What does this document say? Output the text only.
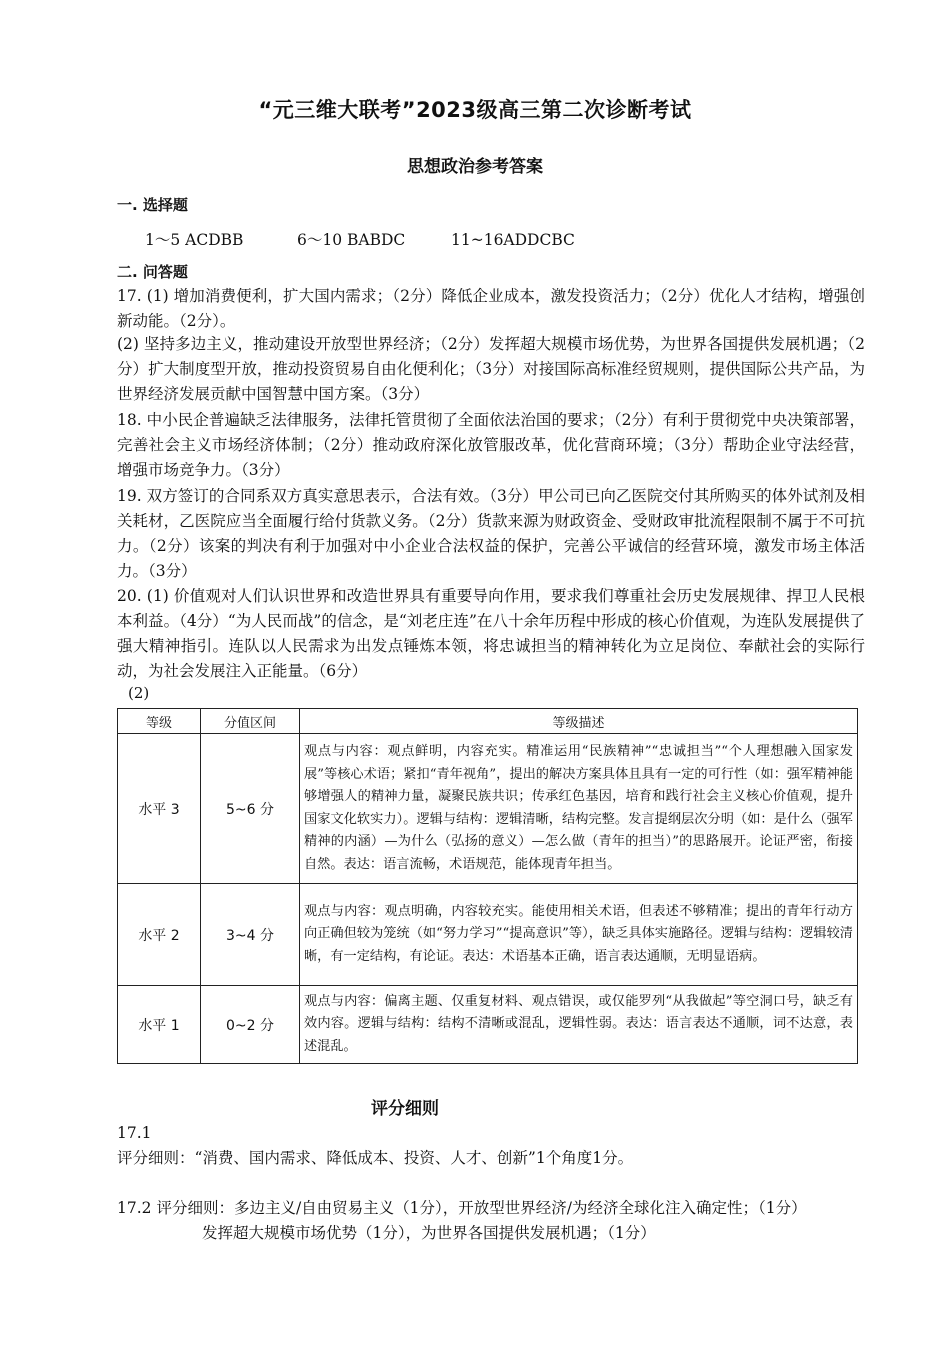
“元三维大联考”2023级高三第二次诊断考试
思想政治参考答案
一. 选择题
1～5 ACDBB	6～10 BABDC	11~16ADDCBC
二. 问答题

17. (1) 增加消费便利，扩大国内需求；（2分）降低企业成本，激发投资活力；（2分）优化人才结构，增强创新动能。（2分）。

(2) 坚持多边主义，推动建设开放型世界经济；（2分）发挥超大规模市场优势，为世界各国提供发展机遇；（2分）扩大制度型开放，推动投资贸易自由化便利化；（3分）对接国际高标准经贸规则，提供国际公共产品，为世界经济发展贡献中国智慧中国方案。（3分）

18. 中小民企普遍缺乏法律服务，法律托管贯彻了全面依法治国的要求；（2分）有利于贯彻党中央决策部署，完善社会主义市场经济体制；（2分）推动政府深化放管服改革，优化营商环境；（3分）帮助企业守法经营，增强市场竞争力。（3分）

19. 双方签订的合同系双方真实意思表示，合法有效。（3分）甲公司已向乙医院交付其所购买的体外试剂及相关耗材，乙医院应当全面履行给付货款义务。（2分）货款来源为财政资金、受财政审批流程限制不属于不可抗力。（2分）该案的判决有利于加强对中小企业合法权益的保护，完善公平诚信的经营环境，激发市场主体活力。（3分）

20. (1) 价值观对人们认识世界和改造世界具有重要导向作用，要求我们尊重社会历史发展规律、捍卫人民根本利益。（4分）“为人民而战”的信念，是“刘老庄连”在八十余年历程中形成的核心价值观，为连队发展提供了强大精神指引。连队以人民需求为出发点锤炼本领，将忠诚担当的精神转化为立足岗位、奉献社会的实际行动，为社会发展注入正能量。（6分）

(2)
等级	分值区间	等级描述
水平 3	5~6 分	观点与内容：观点鲜明，内容充实。精准运用“民族精神”“忠诚担当”“个人理想融入国家发展”等核心术语；紧扣“青年视角”，提出的解决方案具体且具有一定的可行性（如：强军精神能够增强人的精神力量，凝聚民族共识；传承红色基因，培育和践行社会主义核心价值观，提升国家文化软实力）。逻辑与结构：逻辑清晰，结构完整。发言提纲层次分明（如：是什么（强军精神的内涵）—为什么（弘扬的意义）—怎么做（青年的担当）”的思路展开。论证严密，衔接自然。表达：语言流畅，术语规范，能体现青年担当。
水平 2	3~4 分	观点与内容：观点明确，内容较充实。能使用相关术语，但表述不够精准；提出的青年行动方向正确但较为笼统（如“努力学习”“提高意识”等），缺乏具体实施路径。逻辑与结构：逻辑较清晰，有一定结构，有论证。表达：术语基本正确，语言表达通顺，无明显语病。
水平 1	0~2 分	观点与内容：偏离主题、仅重复材料、观点错误，或仅能罗列“从我做起”等空洞口号，缺乏有效内容。逻辑与结构：结构不清晰或混乱，逻辑性弱。表达：语言表达不通顺，词不达意，表述混乱。
评分细则
17.1
评分细则：“消费、国内需求、降低成本、投资、人才、创新”1个角度1分。
17.2 评分细则：多边主义/自由贸易主义（1分），开放型世界经济/为经济全球化注入确定性；（1分）
发挥超大规模市场优势（1分），为世界各国提供发展机遇；（1分）
